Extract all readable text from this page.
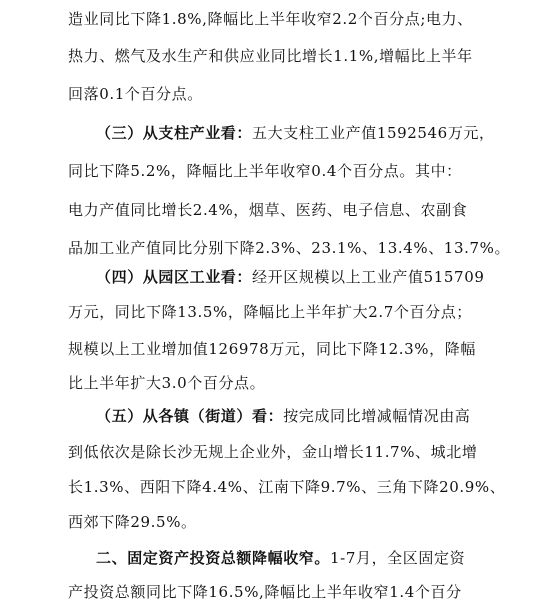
造业同比下降1.8%,降幅比上半年收窄2.2个百分点;电力、
热力、燃气及水生产和供应业同比增长1.1%,增幅比上半年
回落0.1个百分点。
（三）从支柱产业看：五大支柱工业产值1592546万元，
同比下降5.2%，降幅比上半年收窄0.4个百分点。其中：
电力产值同比增长2.4%，烟草、医药、电子信息、农副食
品加工业产值同比分别下降2.3%、23.1%、13.4%、13.7%。
（四）从园区工业看：经开区规模以上工业产值515709
万元，同比下降13.5%，降幅比上半年扩大2.7个百分点；
规模以上工业增加值126978万元，同比下降12.3%，降幅
比上半年扩大3.0个百分点。
（五）从各镇（街道）看：按完成同比增减幅情况由高
到低依次是除长沙无规上企业外，金山增长11.7%、城北增
长1.3%、西阳下降4.4%、江南下降9.7%、三角下降20.9%、
西郊下降29.5%。
二、固定资产投资总额降幅收窄。1-7月，全区固定资
产投资总额同比下降16.5%,降幅比上半年收窄1.4个百分
